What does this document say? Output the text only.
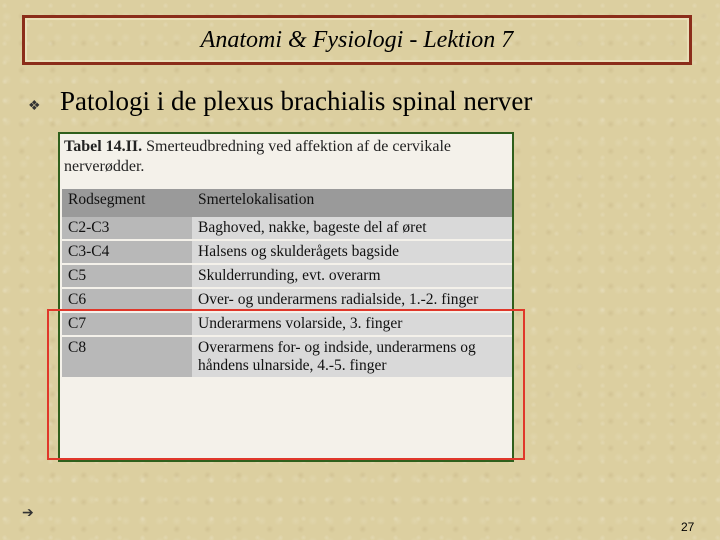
Anatomi & Fysiologi - Lektion 7
❖ Patologi i de plexus brachialis spinal nerver
Tabel 14.II. Smerteudbredning ved affektion af de cervikale nerverødder.
Rodsegment	Smertelokalisation
C2-C3	Baghoved, nakke, bageste del af øret
C3-C4	Halsens og skulderågets bagside
C5	Skulderrunding, evt. overarm
C6	Over- og underarmens radialside, 1.-2. finger
C7	Underarmens volarside, 3. finger
C8	Overarmens for- og indside, underarmens og håndens ulnarside, 4.-5. finger
➔
27
